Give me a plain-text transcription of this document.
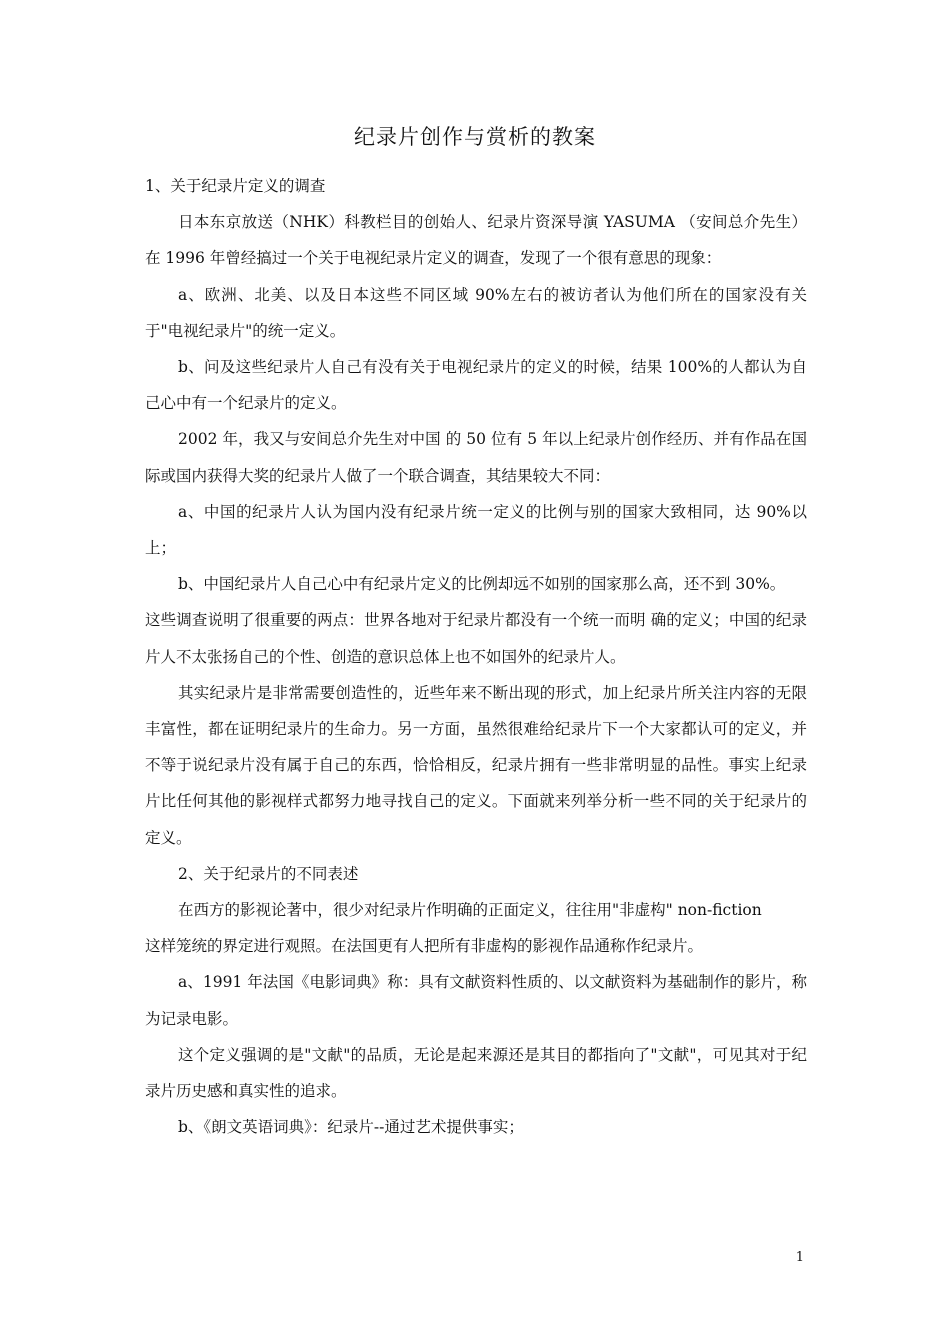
纪录片创作与赏析的教案

1、关于纪录片定义的调查

日本东京放送（NHK）科教栏目的创始人、纪录片资深导演 YASUMA （安间总介先生）在 1996 年曾经搞过一个关于电视纪录片定义的调查，发现了一个很有意思的现象：

a、欧洲、北美、以及日本这些不同区域 90%左右的被访者认为他们所在的国家没有关于"电视纪录片"的统一定义。

b、问及这些纪录片人自己有没有关于电视纪录片的定义的时候，结果 100%的人都认为自己心中有一个纪录片的定义。

2002 年，我又与安间总介先生对中国 的 50 位有 5 年以上纪录片创作经历、并有作品在国际或国内获得大奖的纪录片人做了一个联合调查，其结果较大不同：

a、中国的纪录片人认为国内没有纪录片统一定义的比例与别的国家大致相同，达 90%以上；

b、中国纪录片人自己心中有纪录片定义的比例却远不如别的国家那么高，还不到 30%。

这些调查说明了很重要的两点：世界各地对于纪录片都没有一个统一而明 确的定义；中国的纪录片人不太张扬自己的个性、创造的意识总体上也不如国外的纪录片人。

其实纪录片是非常需要创造性的，近些年来不断出现的形式，加上纪录片所关注内容的无限丰富性，都在证明纪录片的生命力。另一方面，虽然很难给纪录片下一个大家都认可的定义，并不等于说纪录片没有属于自己的东西，恰恰相反，纪录片拥有一些非常明显的品性。事实上纪录片比任何其他的影视样式都努力地寻找自己的定义。下面就来列举分析一些不同的关于纪录片的定义。

2、关于纪录片的不同表述

在西方的影视论著中，很少对纪录片作明确的正面定义，往往用"非虚构" non-fiction

这样笼统的界定进行观照。在法国更有人把所有非虚构的影视作品通称作纪录片。

a、1991 年法国《电影词典》称：具有文献资料性质的、以文献资料为基础制作的影片，称为记录电影。

这个定义强调的是"文献"的品质，无论是起来源还是其目的都指向了"文献"，可见其对于纪录片历史感和真实性的追求。

b、《朗文英语词典》：纪录片--通过艺术提供事实；

1
